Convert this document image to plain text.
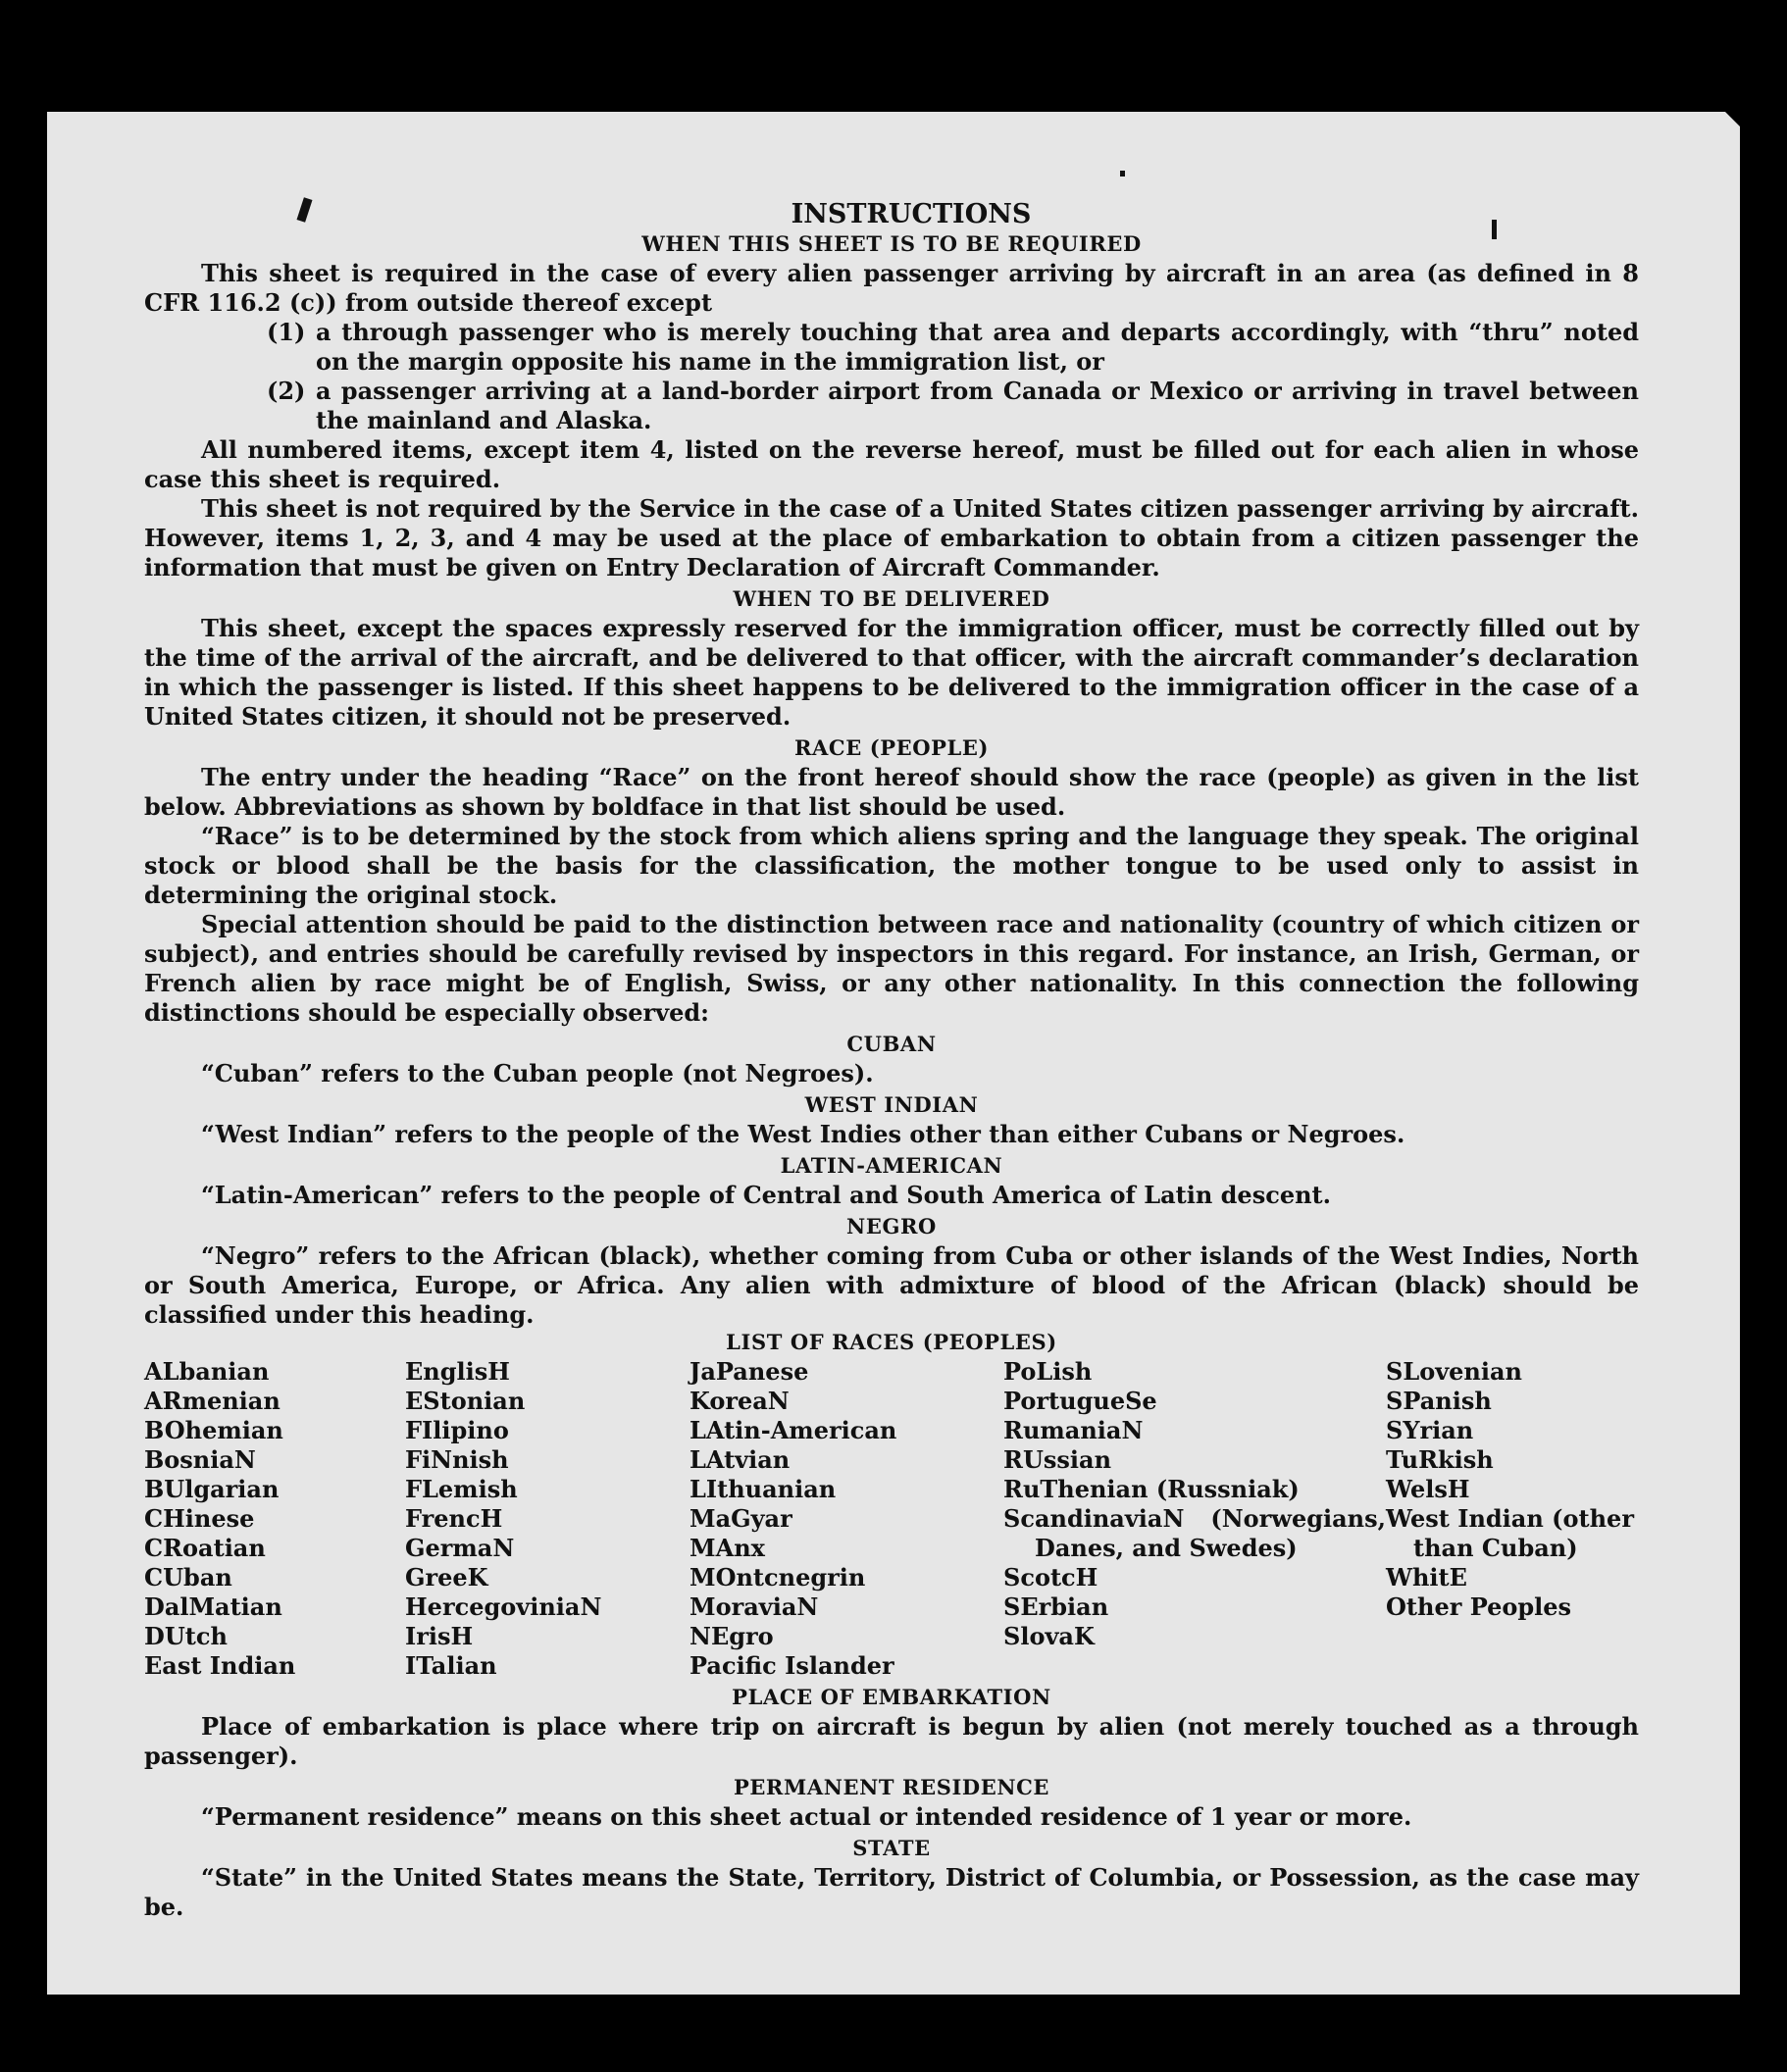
INSTRUCTIONS
WHEN THIS SHEET IS TO BE REQUIRED

This sheet is required in the case of every alien passenger arriving by aircraft in an area (as defined in 8 CFR 116.2 (c)) from outside thereof except

(1) a through passenger who is merely touching that area and departs accordingly, with “thru” noted on the margin opposite his name in the immigration list, or
(2) a passenger arriving at a land-border airport from Canada or Mexico or arriving in travel between the mainland and Alaska.

All numbered items, except item 4, listed on the reverse hereof, must be filled out for each alien in whose case this sheet is required.

This sheet is not required by the Service in the case of a United States citizen passenger arriving by aircraft. However, items 1, 2, 3, and 4 may be used at the place of embarkation to obtain from a citizen passenger the information that must be given on Entry Declaration of Aircraft Commander.

WHEN TO BE DELIVERED

This sheet, except the spaces expressly reserved for the immigration officer, must be correctly filled out by the time of the arrival of the aircraft, and be delivered to that officer, with the aircraft commander’s declaration in which the passenger is listed. If this sheet happens to be delivered to the immigration officer in the case of a United States citizen, it should not be preserved.

RACE (PEOPLE)

The entry under the heading “Race” on the front hereof should show the race (people) as given in the list below. Abbreviations as shown by boldface in that list should be used.

“Race” is to be determined by the stock from which aliens spring and the language they speak. The original stock or blood shall be the basis for the classification, the mother tongue to be used only to assist in determining the original stock.

Special attention should be paid to the distinction between race and nationality (country of which citizen or subject), and entries should be carefully revised by inspectors in this regard. For instance, an Irish, German, or French alien by race might be of English, Swiss, or any other nationality. In this connection the following distinctions should be especially observed:

CUBAN

“Cuban” refers to the Cuban people (not Negroes).

WEST INDIAN

“West Indian” refers to the people of the West Indies other than either Cubans or Negroes.

LATIN-AMERICAN

“Latin-American” refers to the people of Central and South America of Latin descent.

NEGRO

“Negro” refers to the African (black), whether coming from Cuba or other islands of the West Indies, North or South America, Europe, or Africa. Any alien with admixture of blood of the African (black) should be classified under this heading.

LIST OF RACES (PEOPLES)
ALbanian
ARmenian
BOhemian
BosniaN
BUlgarian
CHinese
CRoatian
CUban
DalMatian
DUtch
East Indian
EnglisH
EStonian
FIlipino
FiNnish
FLemish
FrencH
GermaN
GreeK
HercegoviniaN
IrisH
ITalian
JaPanese
KoreaN
LAtin-American
LAtvian
LIthuanian
MaGyar
MAnx
MOntcnegrin
MoraviaN
NEgro
Pacific Islander
PoLish
PortugueSe
RumaniaN
RUssian
RuThenian (Russniak)
ScandinaviaN (Norwegians, Danes, and Swedes)
ScotcH
SErbian
SlovaK
SLovenian
SPanish
SYrian
TuRkish
WelsH
West Indian (other than Cuban)
WhitE
Other Peoples
PLACE OF EMBARKATION

Place of embarkation is place where trip on aircraft is begun by alien (not merely touched as a through passenger).

PERMANENT RESIDENCE

“Permanent residence” means on this sheet actual or intended residence of 1 year or more.

STATE

“State” in the United States means the State, Territory, District of Columbia, or Possession, as the case may be.
